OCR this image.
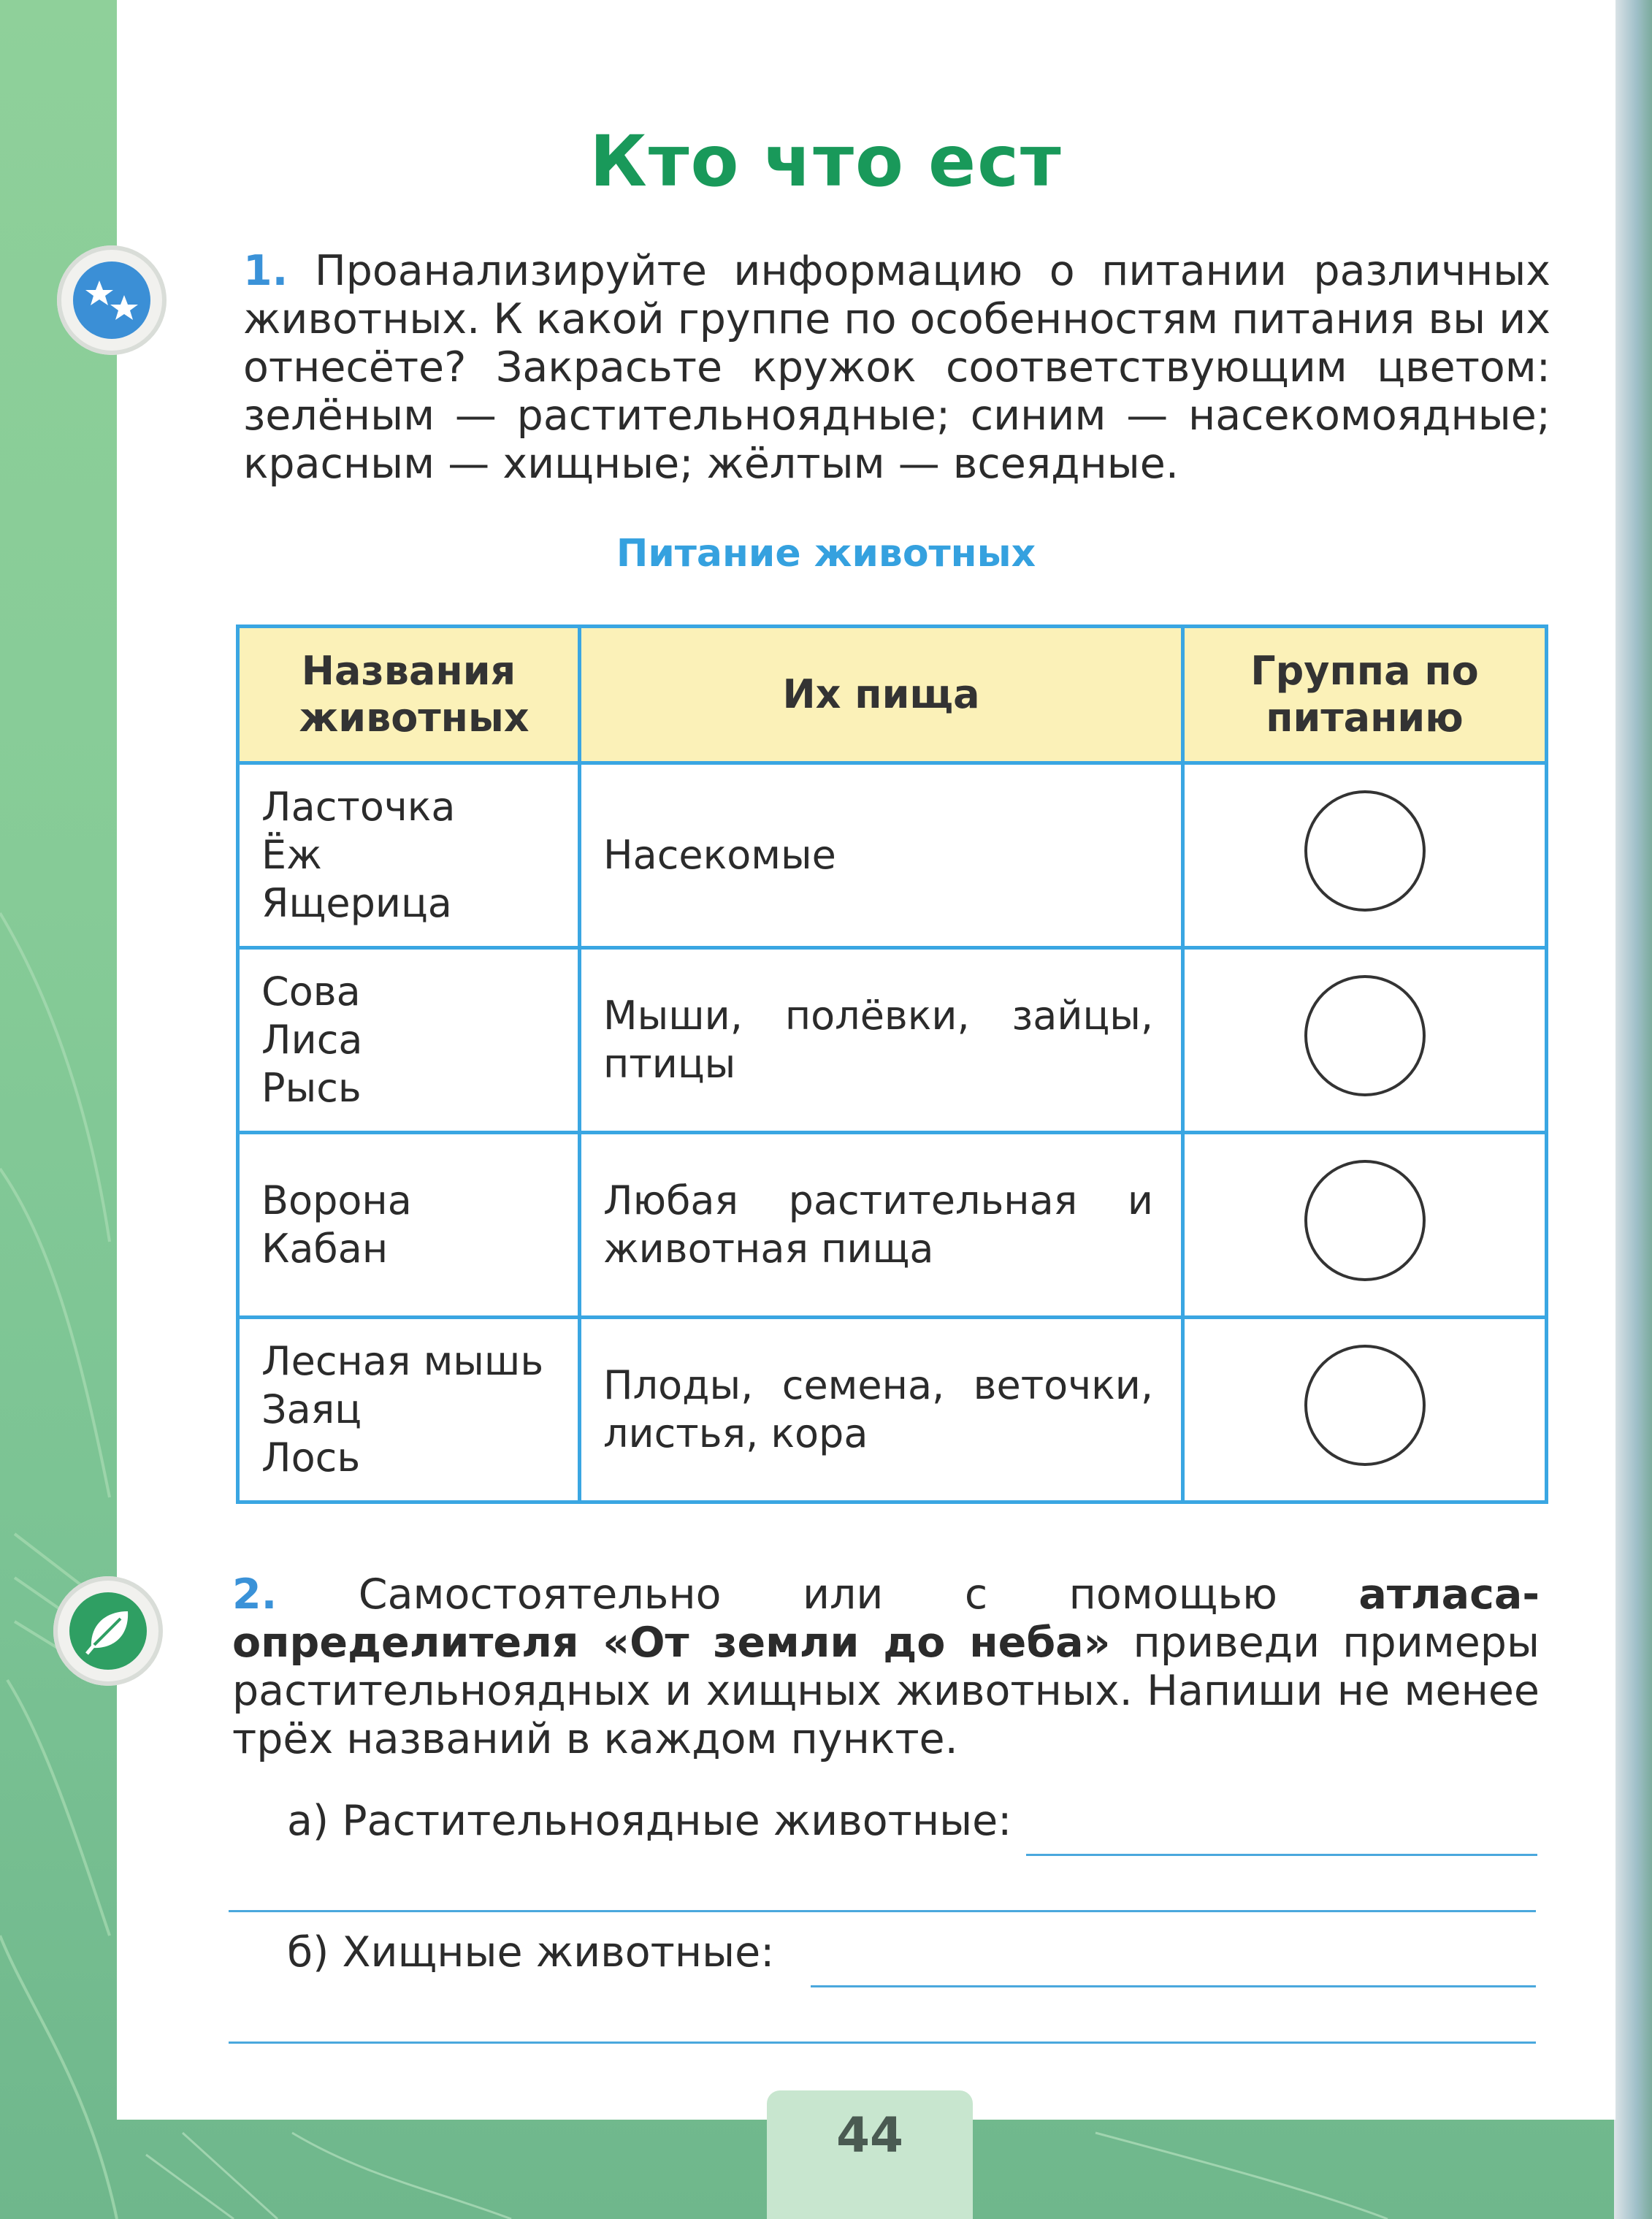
Кто что ест
1. Проанализируйте информацию о питании различных животных. К какой группе по особенностям питания вы их отнесёте? Закрасьте кружок соответствующим цветом: зелёным — растительноядные; синим — насекомоядные; красным — хищные; жёлтым — всеядные.
Питание животных
Названия животных	Их пища	Группа по питанию

Ласточка
Ёж
Ящерица	Насекомые	

Сова
Лиса
Рысь	Мыши, полёвки, зайцы, птицы	

Ворона
Кабан	Любая растительная и животная пища	

Лесная мышь
Заяц
Лось	Плоды, семена, веточки, листья, кора	
2. Самостоятельно или с помощью атласа-определителя «От земли до неба» приведи примеры растительноядных и хищных животных. Напиши не менее трёх названий в каждом пункте.
а) Растительноядные животные:
б) Хищные животные:
44
